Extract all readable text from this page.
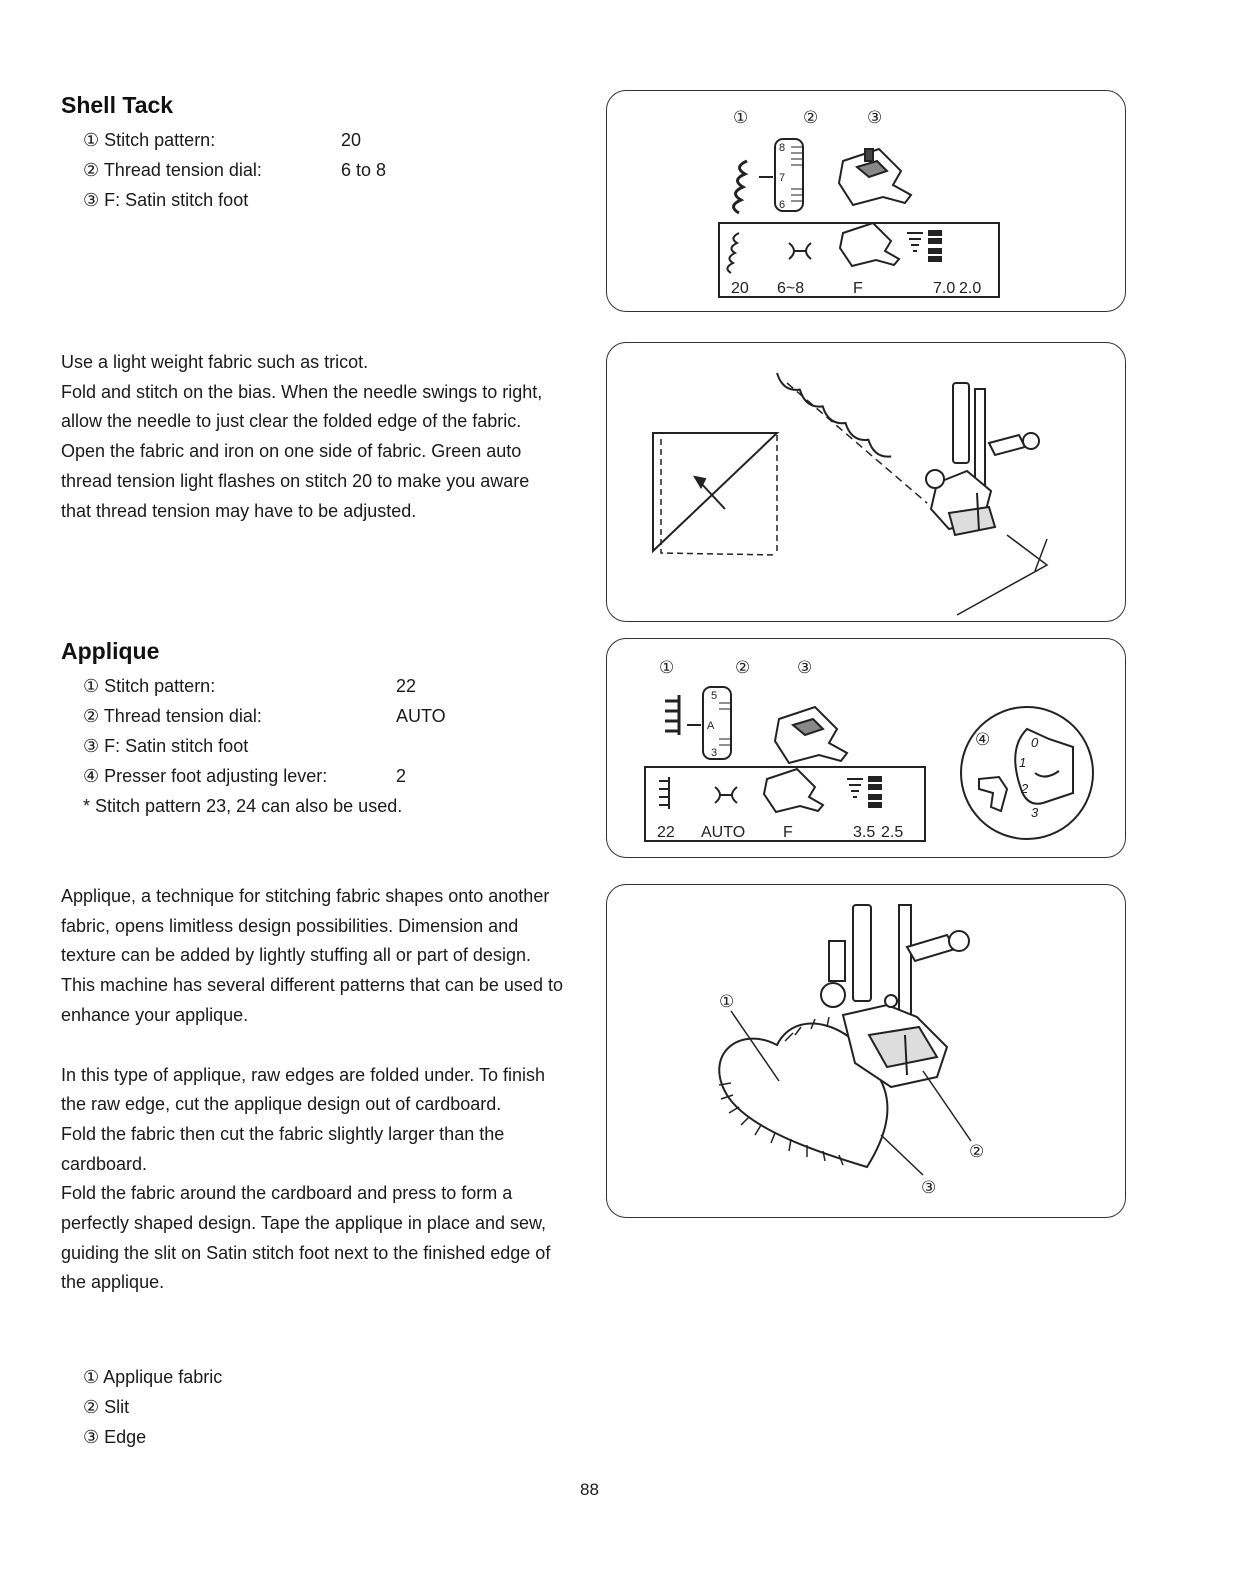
Shell Tack
① Stitch pattern:	20
② Thread tension dial:	6 to 8
③ F: Satin stitch foot

Use a light weight fabric such as tricot.

Fold and stitch on the bias. When the needle swings to right, allow the needle to just clear the folded edge of the fabric. Open the fabric and iron on one side of fabric. Green auto thread tension light flashes on stitch 20 to make you aware that thread tension may have to be adjusted.

①	②	③
8
7
6
20 6~8	F	7.0 2.0
Applique
① Stitch pattern:	22
② Thread tension dial:	AUTO
③ F: Satin stitch foot
④ Presser foot adjusting lever:	2
* Stitch pattern 23, 24 can also be used.

Applique, a technique for stitching fabric shapes onto another fabric, opens limitless design possibilities. Dimension and texture can be added by lightly stuffing all or part of design.

This machine has several different patterns that can be used to enhance your applique.

In this type of applique, raw edges are folded under. To finish the raw edge, cut the applique design out of cardboard.

Fold the fabric then cut the fabric slightly larger than the cardboard.

Fold the fabric around the cardboard and press to form a perfectly shaped design. Tape the applique in place and sew, guiding the slit on Satin stitch foot next to the finished edge of the applique.

① Applique fabric
② Slit
③ Edge
①	②	③
5
A
3
22 AUTO F	3.5 2.5
④	0
1
2
3
①
②
③
88
